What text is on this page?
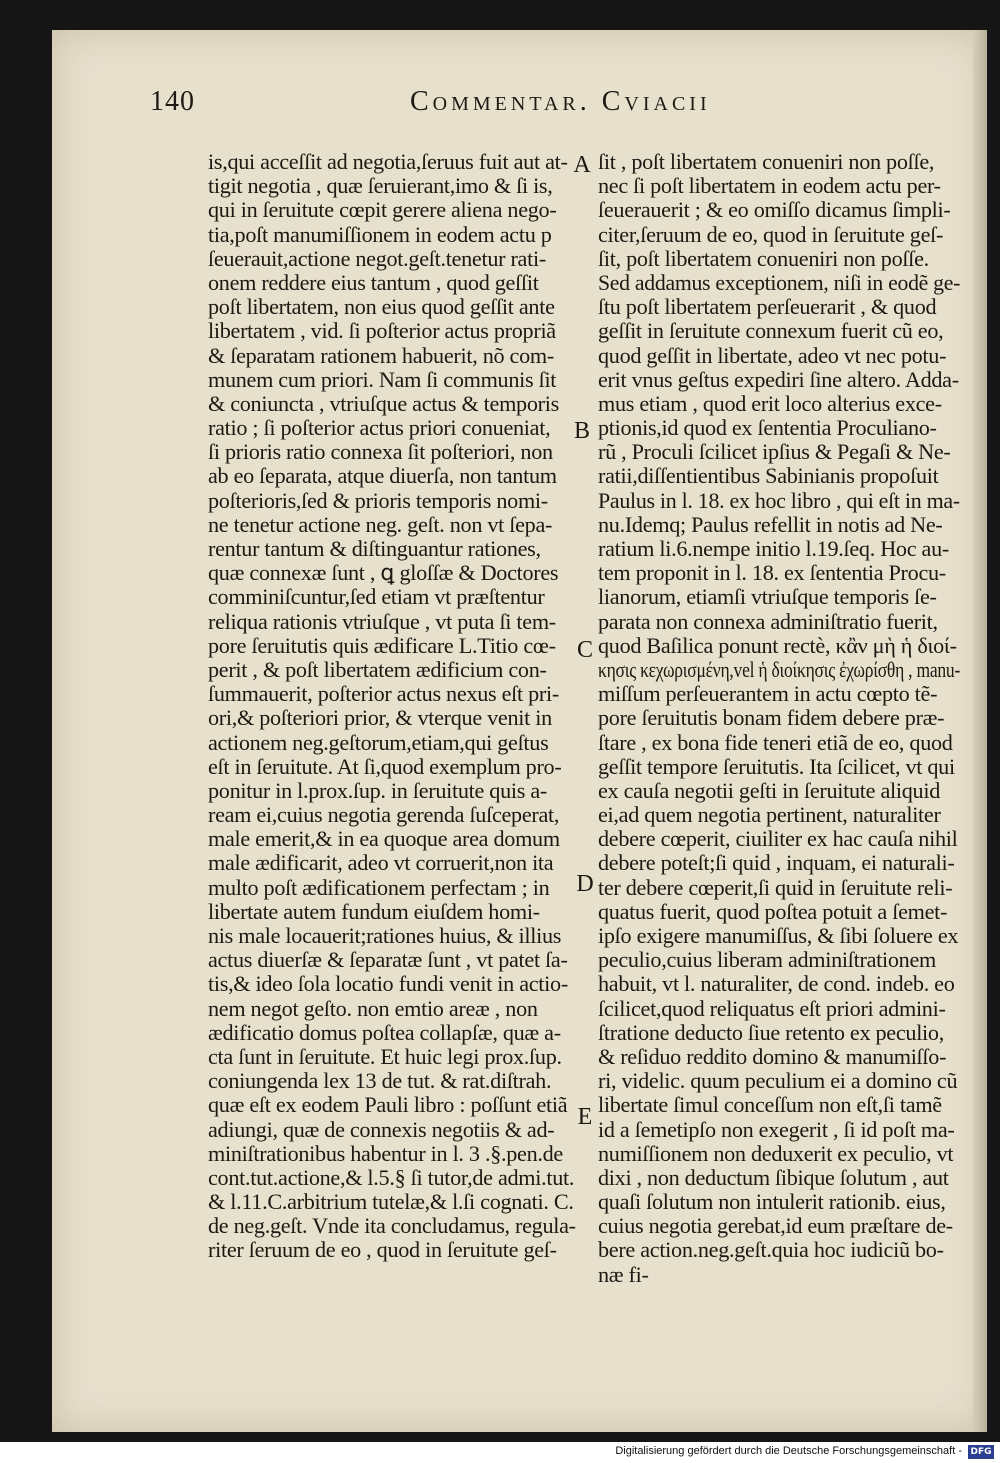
140	Commentar. Cviacii
is,qui acceſſit ad negotia,ſeruus fuit aut at-
tigit negotia , quæ ſeruierant,imo & ſi is,
qui in ſeruitute cœpit gerere aliena nego-
tia,poſt manumiſſionem in eodem actu p
ſeuerauit,actione negot.geſt.tenetur rati-
onem reddere eius tantum , quod geſſit
poſt libertatem, non eius quod geſſit ante
libertatem , vid. ſi poſterior actus propriã
& ſeparatam rationem habuerit, nõ com-
munem cum priori. Nam ſi communis ſit
& coniuncta , vtriuſque actus & temporis
ratio ; ſi poſterior actus priori conueniat,
ſi prioris ratio connexa ſit poſteriori, non
ab eo ſeparata, atque diuerſa, non tantum
poſterioris,ſed & prioris temporis nomi-
ne tenetur actione neg. geſt. non vt ſepa-
rentur tantum & diſtinguantur rationes,
quæ connexæ ſunt , ꝗ gloſſæ & Doctores
comminiſcuntur,ſed etiam vt præſtentur
reliqua rationis vtriuſque , vt puta ſi tem-
pore ſeruitutis quis ædificare L.Titio cœ-
perit , & poſt libertatem ædificium con-
ſummauerit, poſterior actus nexus eſt pri-
ori,& poſteriori prior, & vterque venit in
actionem neg.geſtorum,etiam,qui geſtus
eſt in ſeruitute. At ſi,quod exemplum pro-
ponitur in l.prox.ſup. in ſeruitute quis a-
ream ei,cuius negotia gerenda ſuſceperat,
male emerit,& in ea quoque area domum
male ædificarit, adeo vt corruerit,non ita
multo poſt ædificationem perfectam ; in
libertate autem fundum eiuſdem homi-
nis male locauerit;rationes huius, & illius
actus diuerſæ & ſeparatæ ſunt , vt patet ſa-
tis,& ideo ſola locatio fundi venit in actio-
nem negot geſto. non emtio areæ , non
ædificatio domus poſtea collapſæ, quæ a-
cta ſunt in ſeruitute. Et huic legi prox.ſup.
coniungenda lex 13 de tut. & rat.diſtrah.
quæ eſt ex eodem Pauli libro : poſſunt etiã
adiungi, quæ de connexis negotiis & ad-
miniſtrationibus habentur in l. 3 .§.pen.de
cont.tut.actione,& l.5.§ ſi tutor,de admi.tut.
& l.11.C.arbitrium tutelæ,& l.ſi cognati. C.
de neg.geſt. Vnde ita concludamus, regula-
riter ſeruum de eo , quod in ſeruitute geſ-
ſit , poſt libertatem conueniri non poſſe,
nec ſi poſt libertatem in eodem actu per-
ſeuerauerit ; & eo omiſſo dicamus ſimpli-
citer,ſeruum de eo, quod in ſeruitute geſ-
ſit, poſt libertatem conueniri non poſſe.
Sed addamus exceptionem, niſi in eodẽ ge-
ſtu poſt libertatem perſeuerarit , & quod
geſſit in ſeruitute connexum fuerit cũ eo,
quod geſſit in libertate, adeo vt nec potu-
erit vnus geſtus expediri ſine altero. Adda-
mus etiam , quod erit loco alterius exce-
ptionis,id quod ex ſententia Proculiano-
rũ , Proculi ſcilicet ipſius & Pegaſi & Ne-
ratii,diſſentientibus Sabinianis propoſuit
Paulus in l. 18. ex hoc libro , qui eſt in ma-
nu.Idemq; Paulus refellit in notis ad Ne-
ratium li.6.nempe initio l.19.ſeq. Hoc au-
tem proponit in l. 18. ex ſententia Procu-
lianorum, etiamſi vtriuſque temporis ſe-
parata non connexa adminiſtratio fuerit,
quod Baſilica ponunt rectè, κἂν μὴ ἡ διοί-
κησις κεχωρισμένη,vel ἡ διοίκησις ἐχωρίσθη , manu-
miſſum perſeuerantem in actu cœpto tẽ-
pore ſeruitutis bonam fidem debere præ-
ſtare , ex bona fide teneri etiã de eo, quod
geſſit tempore ſeruitutis. Ita ſcilicet, vt qui
ex cauſa negotii geſti in ſeruitute aliquid
ei,ad quem negotia pertinent, naturaliter
debere cœperit, ciuiliter ex hac cauſa nihil
debere poteſt;ſi quid , inquam, ei naturali-
ter debere cœperit,ſi quid in ſeruitute reli-
quatus fuerit, quod poſtea potuit a ſemet-
ipſo exigere manumiſſus, & ſibi ſoluere ex
peculio,cuius liberam adminiſtrationem
habuit, vt l. naturaliter, de cond. indeb. eo
ſcilicet,quod reliquatus eſt priori admini-
ſtratione deducto ſiue retento ex peculio,
& reſiduo reddito domino & manumiſſo-
ri, videlic. quum peculium ei a domino cũ
libertate ſimul conceſſum non eſt,ſi tamẽ
id a ſemetipſo non exegerit , ſi id poſt ma-
numiſſionem non deduxerit ex peculio, vt
dixi , non deductum ſibique ſolutum , aut
quaſi ſolutum non intulerit rationib. eius,
cuius negotia gerebat,id eum præſtare de-
bere action.neg.geſt.quia hoc iudiciũ bo-
næ fi-
A
B
C
D
E
Digitalisierung gefördert durch die Deutsche Forschungsgemeinschaft - DFG
